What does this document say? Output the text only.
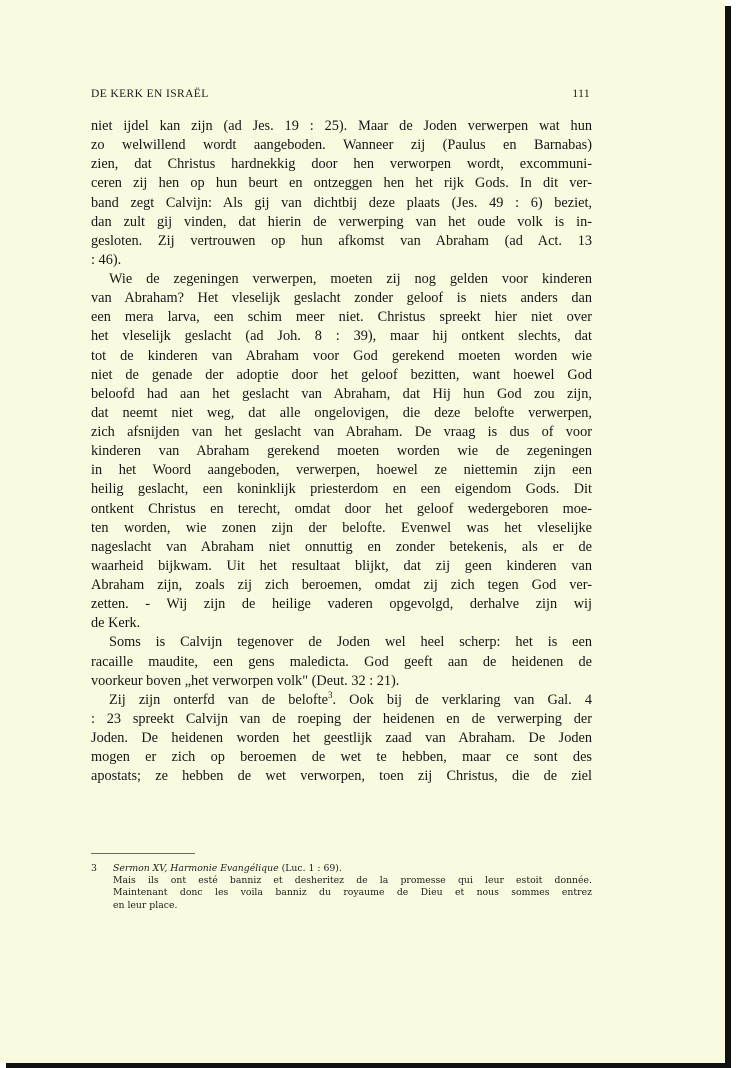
DE KERK EN ISRAËL	111
niet ijdel kan zijn (ad Jes. 19 : 25). Maar de Joden verwerpen wat hun
zo welwillend wordt aangeboden. Wanneer zij (Paulus en Barnabas)
zien, dat Christus hardnekkig door hen verworpen wordt, excommuni-
ceren zij hen op hun beurt en ontzeggen hen het rijk Gods. In dit ver-
band zegt Calvijn: Als gij van dichtbij deze plaats (Jes. 49 : 6) beziet,
dan zult gij vinden, dat hierin de verwerping van het oude volk is in-
gesloten. Zij vertrouwen op hun afkomst van Abraham (ad Act. 13
: 46).
Wie de zegeningen verwerpen, moeten zij nog gelden voor kinderen
van Abraham? Het vleselijk geslacht zonder geloof is niets anders dan
een mera larva, een schim meer niet. Christus spreekt hier niet over
het vleselijk geslacht (ad Joh. 8 : 39), maar hij ontkent slechts, dat
tot de kinderen van Abraham voor God gerekend moeten worden wie
niet de genade der adoptie door het geloof bezitten, want hoewel God
beloofd had aan het geslacht van Abraham, dat Hij hun God zou zijn,
dat neemt niet weg, dat alle ongelovigen, die deze belofte verwerpen,
zich afsnijden van het geslacht van Abraham. De vraag is dus of voor
kinderen van Abraham gerekend moeten worden wie de zegeningen
in het Woord aangeboden, verwerpen, hoewel ze niettemin zijn een
heilig geslacht, een koninklijk priesterdom en een eigendom Gods. Dit
ontkent Christus en terecht, omdat door het geloof wedergeboren moe-
ten worden, wie zonen zijn der belofte. Evenwel was het vleselijke
nageslacht van Abraham niet onnuttig en zonder betekenis, als er de
waarheid bijkwam. Uit het resultaat blijkt, dat zij geen kinderen van
Abraham zijn, zoals zij zich beroemen, omdat zij zich tegen God ver-
zetten. - Wij zijn de heilige vaderen opgevolgd, derhalve zijn wij
de Kerk.
Soms is Calvijn tegenover de Joden wel heel scherp: het is een
racaille maudite, een gens maledicta. God geeft aan de heidenen de
voorkeur boven „het verworpen volk" (Deut. 32 : 21).
Zij zijn onterfd van de belofte$^3$. Ook bij de verklaring van Gal. 4
: 23 spreekt Calvijn van de roeping der heidenen en de verwerping der
Joden. De heidenen worden het geestlijk zaad van Abraham. De Joden
mogen er zich op beroemen de wet te hebben, maar ce sont des
apostats; ze hebben de wet verworpen, toen zij Christus, die de ziel
3 Sermon XV, Harmonie Evangélique (Luc. 1 : 69).
Mais ils ont esté banniz et desheritez de la promesse qui leur estoit donnée.
Maintenant donc les voila banniz du royaume de Dieu et nous sommes entrez
en leur place.
